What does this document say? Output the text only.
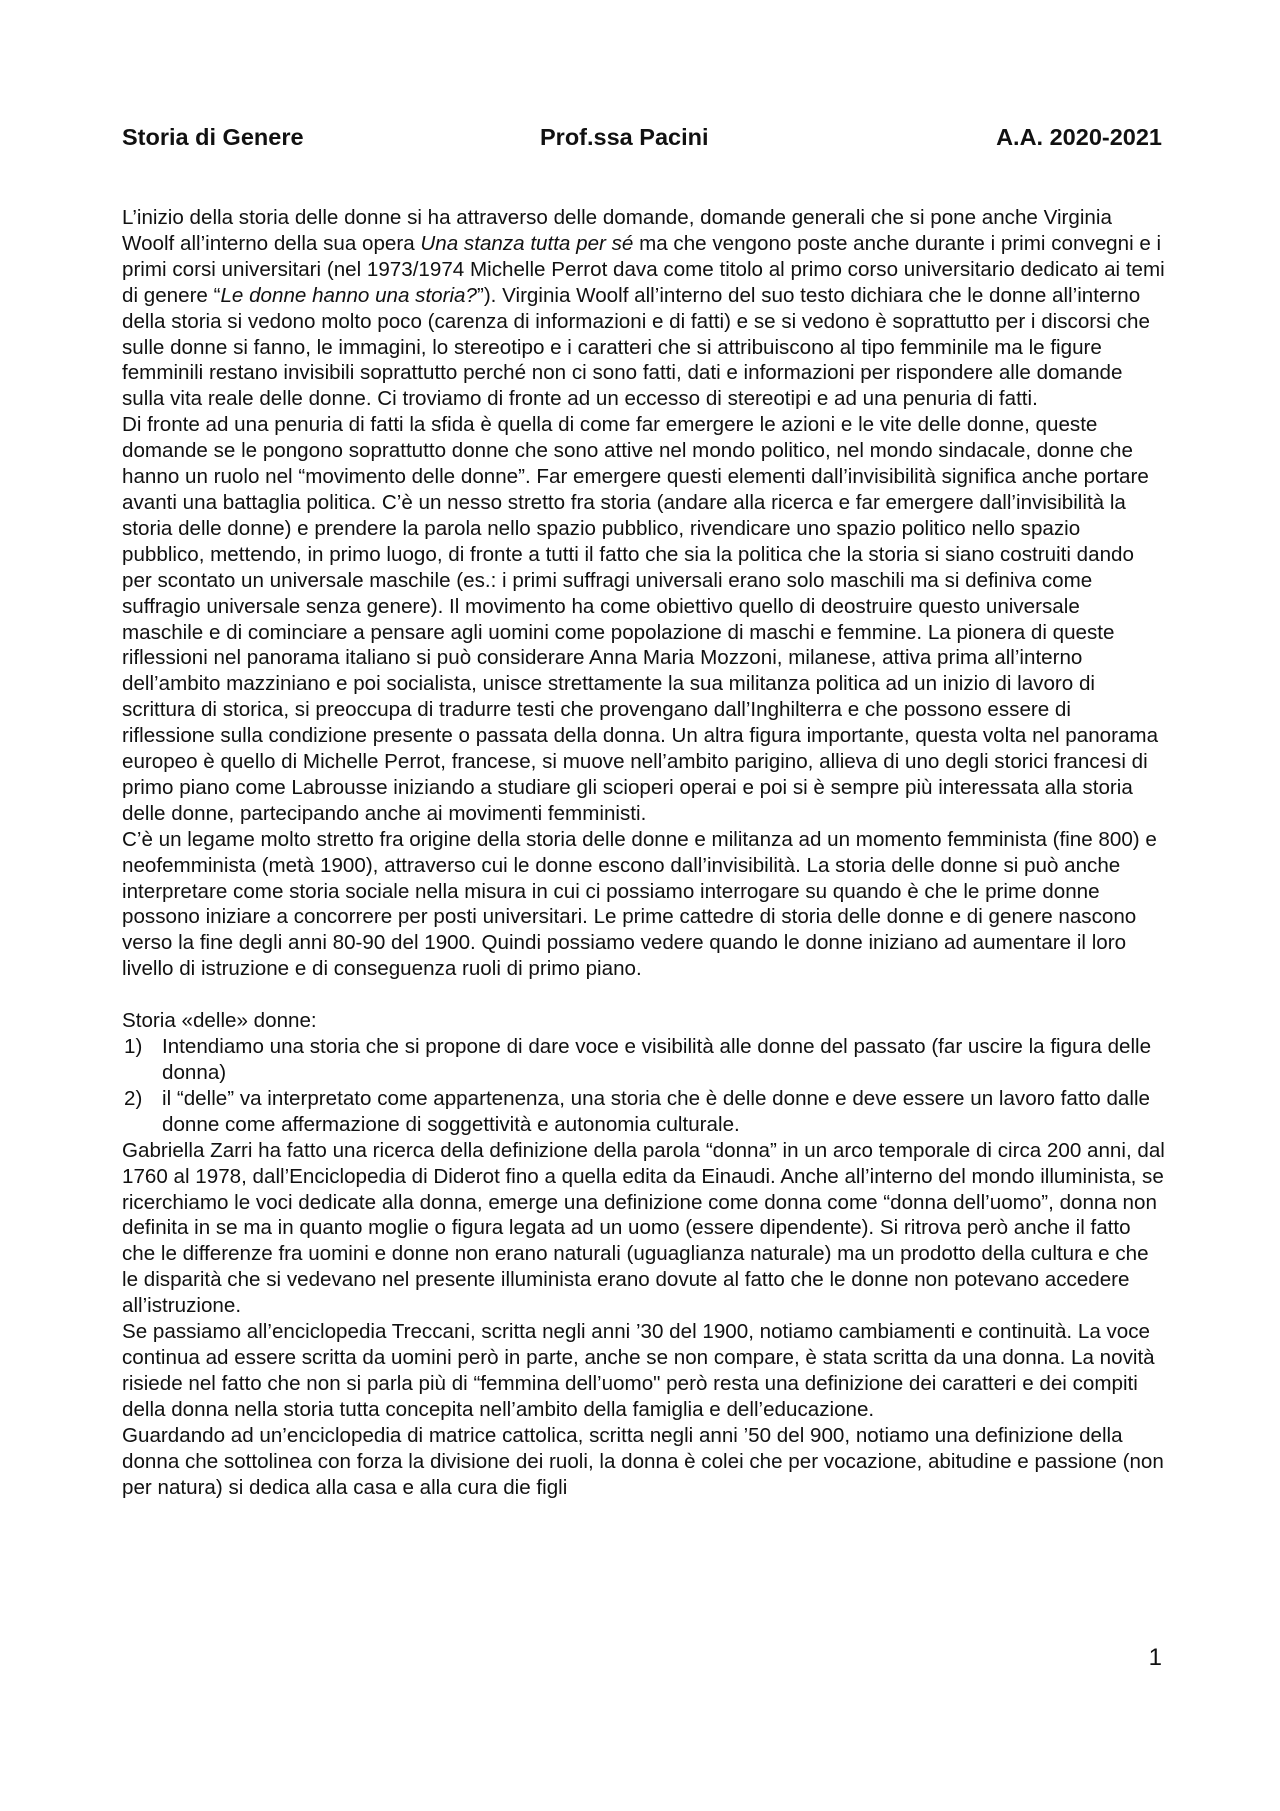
Storia di Genere	Prof.ssa Pacini	A.A. 2020-2021

L’inizio della storia delle donne si ha attraverso delle domande, domande generali che si pone anche Virginia Woolf all’interno della sua opera Una stanza tutta per sé ma che vengono poste anche durante i primi convegni e i primi corsi universitari (nel 1973/1974 Michelle Perrot dava come titolo al primo corso universitario dedicato ai temi di genere “Le donne hanno una storia?”). Virginia Woolf all’interno del suo testo dichiara che le donne all’interno della storia si vedono molto poco (carenza di informazioni e di fatti) e se si vedono è soprattutto per i discorsi che sulle donne si fanno, le immagini, lo stereotipo e i caratteri che si attribuiscono al tipo femminile ma le figure femminili restano invisibili soprattutto perché non ci sono fatti, dati e informazioni per rispondere alle domande sulla vita reale delle donne. Ci troviamo di fronte ad un eccesso di stereotipi e ad una penuria di fatti.

Di fronte ad una penuria di fatti la sfida è quella di come far emergere le azioni e le vite delle donne, queste domande se le pongono soprattutto donne che sono attive nel mondo politico, nel mondo sindacale, donne che hanno un ruolo nel “movimento delle donne”. Far emergere questi elementi dall’invisibilità significa anche portare avanti una battaglia politica. C’è un nesso stretto fra storia (andare alla ricerca e far emergere dall’invisibilità la storia delle donne) e prendere la parola nello spazio pubblico, rivendicare uno spazio politico nello spazio pubblico, mettendo, in primo luogo, di fronte a tutti il fatto che sia la politica che la storia si siano costruiti dando per scontato un universale maschile (es.: i primi suffragi universali erano solo maschili ma si definiva come suffragio universale senza genere). Il movimento ha come obiettivo quello di deostruire questo universale maschile e di cominciare a pensare agli uomini come popolazione di maschi e femmine. La pionera di queste riflessioni nel panorama italiano si può considerare Anna Maria Mozzoni, milanese, attiva prima all’interno dell’ambito mazziniano e poi socialista, unisce strettamente la sua militanza politica ad un inizio di lavoro di scrittura di storica, si preoccupa di tradurre testi che provengano dall’Inghilterra e che possono essere di riflessione sulla condizione presente o passata della donna. Un altra figura importante, questa volta nel panorama europeo è quello di Michelle Perrot, francese, si muove nell’ambito parigino, allieva di uno degli storici francesi di primo piano come Labrousse iniziando a studiare gli scioperi operai e poi si è sempre più interessata alla storia delle donne, partecipando anche ai movimenti femministi.

C’è un legame molto stretto fra origine della storia delle donne e militanza ad un momento femminista (fine 800) e neofemminista (metà 1900), attraverso cui le donne escono dall’invisibilità. La storia delle donne si può anche interpretare come storia sociale nella misura in cui ci possiamo interrogare su quando è che le prime donne possono iniziare a concorrere per posti universitari. Le prime cattedre di storia delle donne e di genere nascono verso la fine degli anni 80-90 del 1900. Quindi possiamo vedere quando le donne iniziano ad aumentare il loro livello di istruzione e di conseguenza ruoli di primo piano.

Storia «delle» donne:

1) Intendiamo una storia che si propone di dare voce e visibilità alle donne del passato (far uscire la figura delle donna)
2) il “delle” va interpretato come appartenenza, una storia che è delle donne e deve essere un lavoro fatto dalle donne come affermazione di soggettività e autonomia culturale.

Gabriella Zarri ha fatto una ricerca della definizione della parola “donna” in un arco temporale di circa 200 anni, dal 1760 al 1978, dall’Enciclopedia di Diderot fino a quella edita da Einaudi. Anche all’interno del mondo illuminista, se ricerchiamo le voci dedicate alla donna, emerge una definizione come donna come “donna dell’uomo”, donna non definita in se ma in quanto moglie o figura legata ad un uomo (essere dipendente). Si ritrova però anche il fatto che le differenze fra uomini e donne non erano naturali (uguaglianza naturale) ma un prodotto della cultura e che le disparità che si vedevano nel presente illuminista erano dovute al fatto che le donne non potevano accedere all’istruzione.

Se passiamo all’enciclopedia Treccani, scritta negli anni ’30 del 1900, notiamo cambiamenti e continuità. La voce continua ad essere scritta da uomini però in parte, anche se non compare, è stata scritta da una donna. La novità risiede nel fatto che non si parla più di “femmina dell’uomo" però resta una definizione dei caratteri e dei compiti della donna nella storia tutta concepita nell’ambito della famiglia e dell’educazione.

Guardando ad un’enciclopedia di matrice cattolica, scritta negli anni ’50 del 900, notiamo una definizione della donna che sottolinea con forza la divisione dei ruoli, la donna è colei che per vocazione, abitudine e passione (non per natura) si dedica alla casa e alla cura die figli

1
